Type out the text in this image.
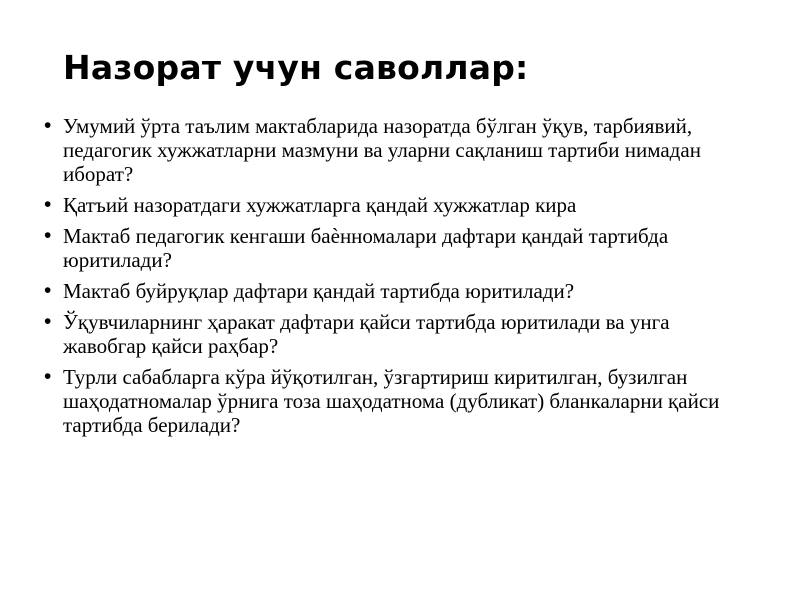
Назорат учун саволлар:
• Умумий ўрта таълим мактабларида назоратда бўлган ўқув, тарбиявий, педагогик хужжатларни мазмуни ва уларни сақланиш тартиби нимадан иборат?
• Қатъий назоратдаги хужжатларга қандай хужжатлар кира
• Мактаб педагогик кенгаши баѐнномалари дафтари қандай тартибда юритилади?
• Мактаб буйруқлар дафтари қандай тартибда юритилади?
• Ўқувчиларнинг ҳаракат дафтари қайси тартибда юритилади ва унга жавобгар қайси раҳбар?
• Турли сабабларга кўра йўқотилган, ўзгартириш киритилган, бузилган шаҳодатномалар ўрнига тоза шаҳодатнома (дубликат) бланкаларни қайси тартибда берилади?
